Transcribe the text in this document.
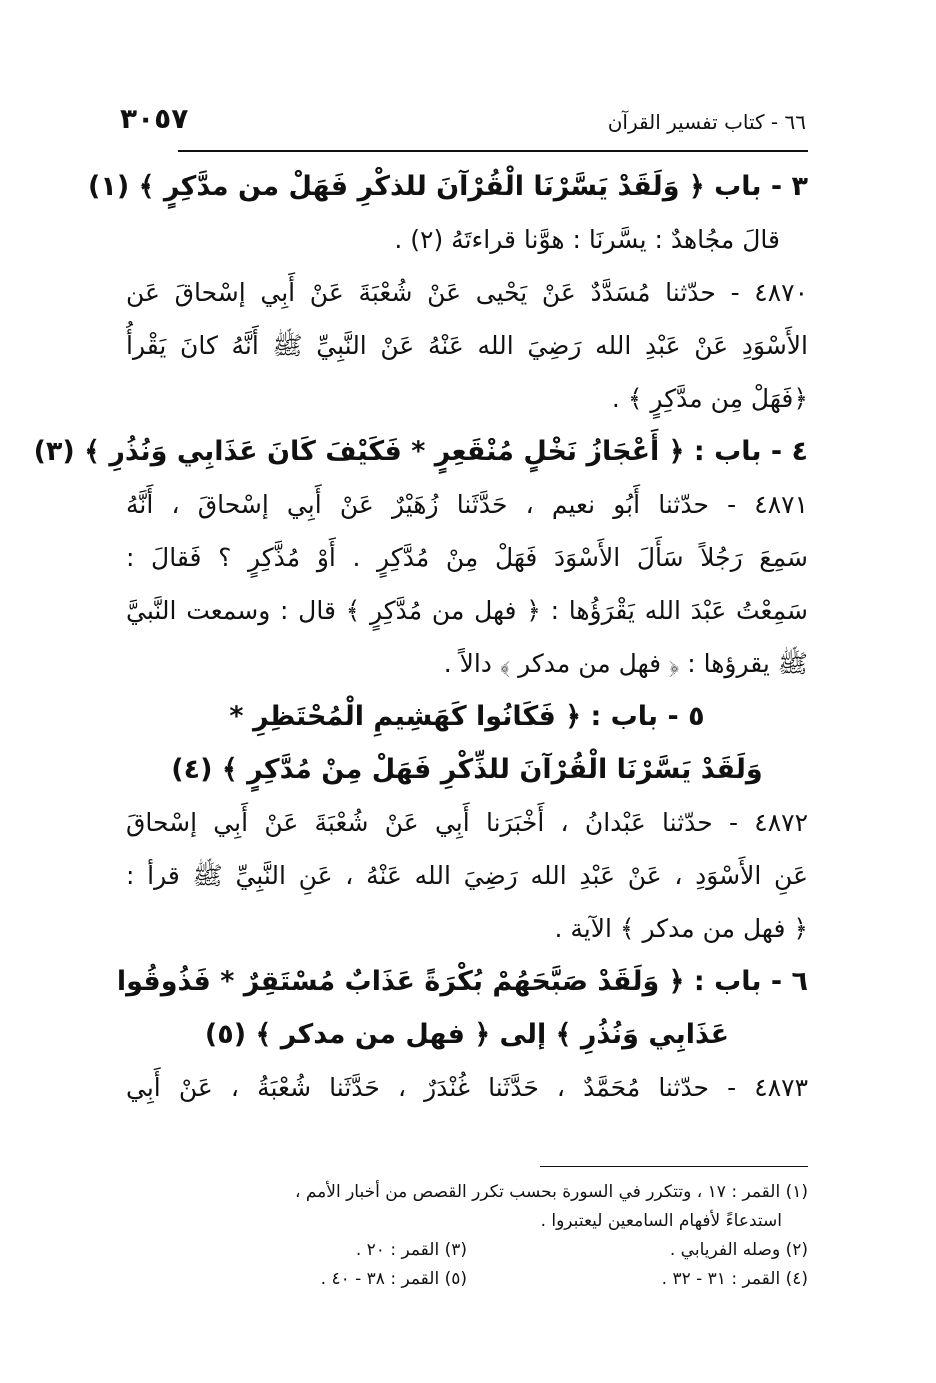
٦٦ - كتاب تفسير القرآن
٣٠٥٧
٣ - باب ﴿ وَلَقَدْ يَسَّرْنَا الْقُرْآنَ للذكْرِ فَهَلْ من مدَّكِرٍ ﴾ (١)
قالَ مجُاهدٌ : يسَّرنَا : هوَّنا قراءتَهُ (٢) .
٤٨٧٠ - حدّثنا مُسَدَّدٌ عَنْ يَحْيى عَنْ شُعْبَةَ عَنْ أَبِي إسْحاقَ عَن
الأَسْوَدِ عَنْ عَبْدِ الله رَضِيَ الله عَنْهُ عَنْ النَّبِيِّ ﷺ أَنَّهُ كانَ يَقْرأُ
﴿فَهَلْ مِن مدَّكِرٍ ﴾ .
٤ - باب : ﴿ أَعْجَازُ نَخْلٍ مُنْقَعِرٍ * فَكَيْفَ كَانَ عَذَابِي وَنُذُرِ ﴾ (٣)
٤٨٧١ - حدّثنا أَبُو نعيم ، حَدَّثَنا زُهَيْرٌ عَنْ أَبِي إسْحاقَ ، أَنَّهُ
سَمِعَ رَجُلاً سَأَلَ الأَسْوَدَ فَهَلْ مِنْ مُدَّكِرٍ . أَوْ مُذَّكِرٍ ؟ فَقالَ :
سَمِعْتُ عَبْدَ الله يَقْرَؤُها : ﴿ فهل من مُدَّكِرٍ ﴾ قال : وسمعت النَّبيَّ
ﷺ يقرؤها : ﴿ فهل من مدكر ﴾ دالاً .
٥ - باب : ﴿ فَكَانُوا كَهَشِيمِ الْمُحْتَظِرِ *
وَلَقَدْ يَسَّرْنَا الْقُرْآنَ للذِّكْرِ فَهَلْ مِنْ مُدَّكِرٍ ﴾ (٤)
٤٨٧٢ - حدّثنا عَبْدانُ ، أَخْبَرَنا أَبِي عَنْ شُعْبَةَ عَنْ أَبِي إسْحاقَ
عَنِ الأَسْوَدِ ، عَنْ عَبْدِ الله رَضِيَ الله عَنْهُ ، عَنِ النَّبِيِّ ﷺ قرأ :
﴿ فهل من مدكر ﴾ الآية .
٦ - باب : ﴿ وَلَقَدْ صَبَّحَهُمْ بُكْرَةً عَذَابٌ مُسْتَقِرٌ * فَذُوقُوا
عَذَابِي وَنُذُرِ ﴾ إلى ﴿ فهل من مدكر ﴾ (٥)
٤٨٧٣ - حدّثنا مُحَمَّدٌ ، حَدَّثَنا غُنْدَرٌ ، حَدَّثَنا شُعْبَةُ ، عَنْ أَبِي
(١) القمر : ١٧ ، وتتكرر في السورة بحسب تكرر القصص من أخبار الأمم ،
استدعاءً لأفهام السامعين ليعتبروا .
(٢) وصله الفريابي .
(٣) القمر : ٢٠ .
(٤) القمر : ٣١ - ٣٢ .
(٥) القمر : ٣٨ - ٤٠ .
